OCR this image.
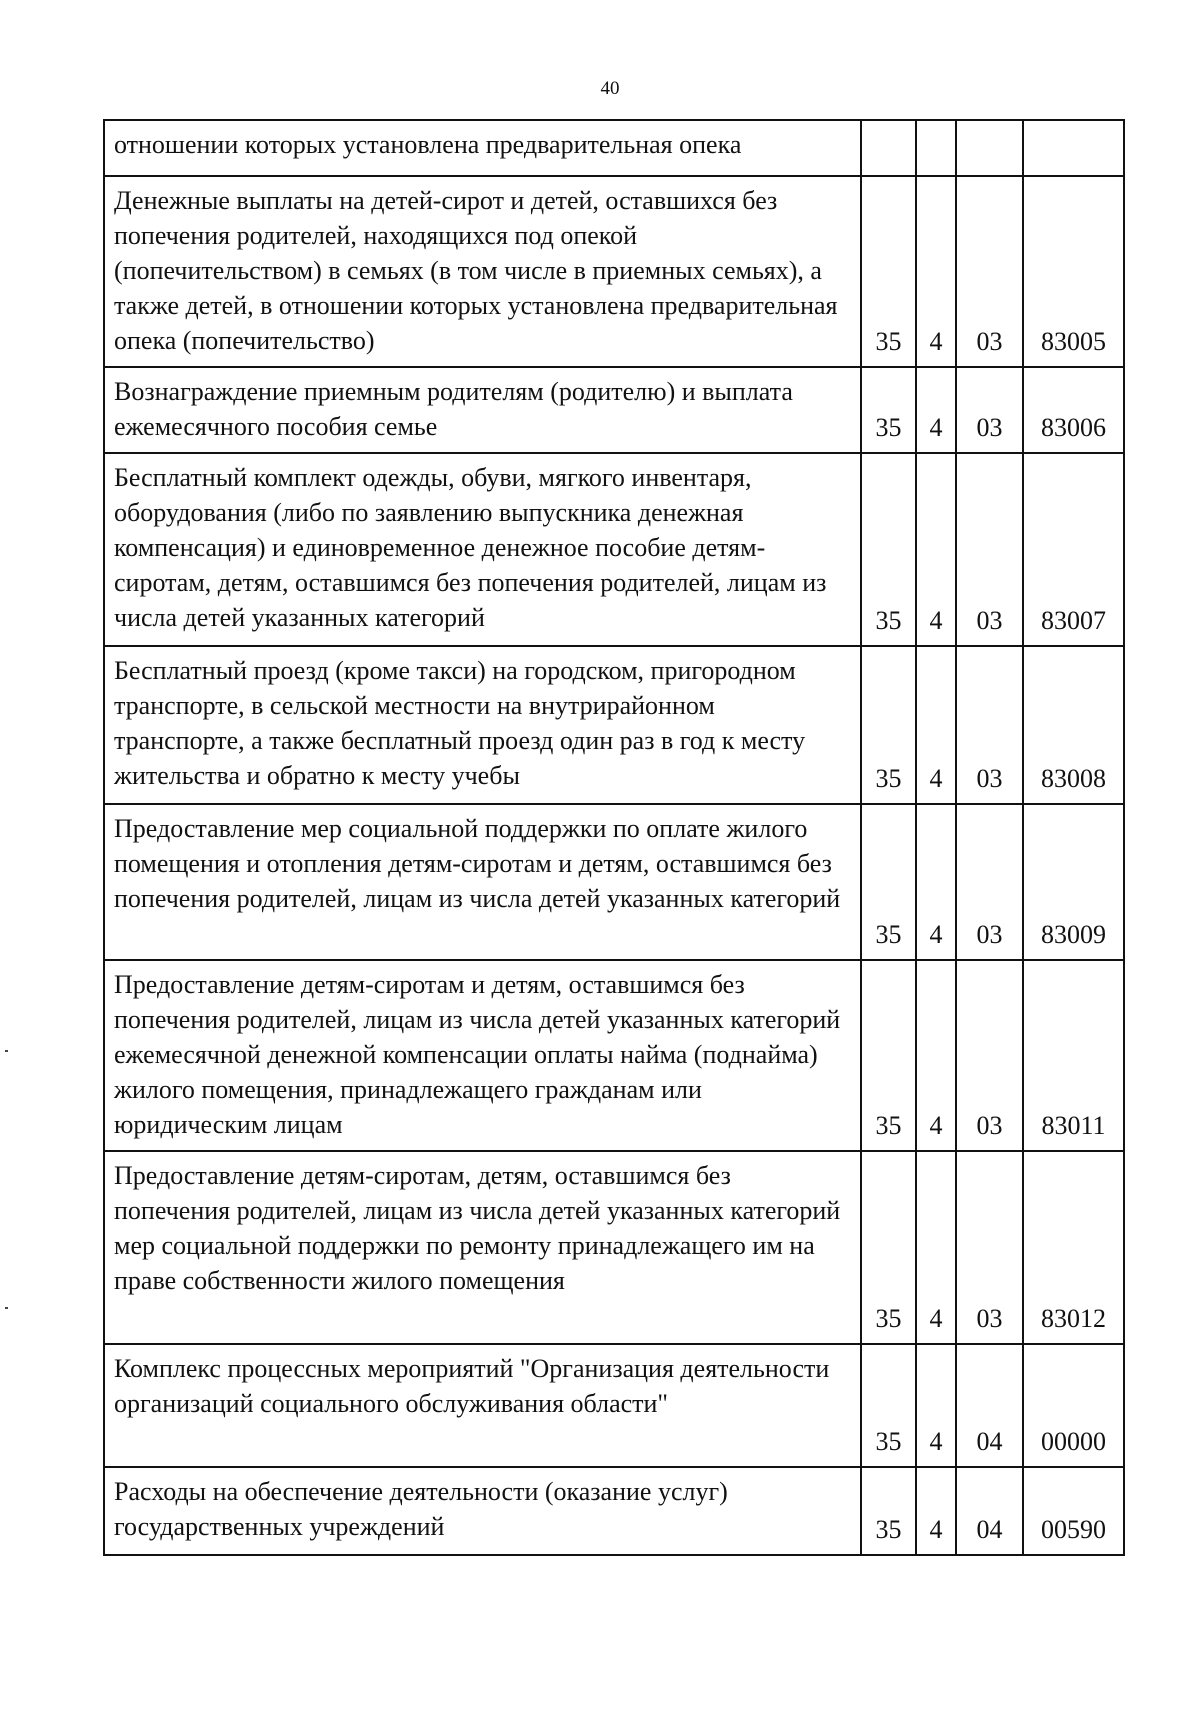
40
отношении которых установлена предварительная опека				
Денежные выплаты на детей-сирот и детей, оставшихся без попечения родителей, находящихся под опекой (попечительством) в семьях (в том числе в приемных семьях), а также детей, в отношении которых установлена предварительная опека (попечительство)	35	4	03	83005
Вознаграждение приемным родителям (родителю) и выплата ежемесячного пособия семье	35	4	03	83006
Бесплатный комплект одежды, обуви, мягкого инвентаря, оборудования (либо по заявлению выпускника денежная компенсация) и единовременное денежное пособие детям-сиротам, детям, оставшимся без попечения родителей, лицам из числа детей указанных категорий	35	4	03	83007
Бесплатный проезд (кроме такси) на городском, пригородном транспорте, в сельской местности на внутрирайонном транспорте, а также бесплатный проезд один раз в год к месту жительства и обратно к месту учебы	35	4	03	83008
Предоставление мер социальной поддержки по оплате жилого помещения и отопления детям-сиротам и детям, оставшимся без попечения родителей, лицам из числа детей указанных категорий	35	4	03	83009
Предоставление детям-сиротам и детям, оставшимся без попечения родителей, лицам из числа детей указанных категорий ежемесячной денежной компенсации оплаты найма (поднайма) жилого помещения, принадлежащего гражданам или юридическим лицам	35	4	03	83011
Предоставление детям-сиротам, детям, оставшимся без попечения родителей, лицам из числа детей указанных категорий мер социальной поддержки по ремонту принадлежащего им на праве собственности жилого помещения	35	4	03	83012
Комплекс процессных мероприятий "Организация деятельности организаций социального обслуживания области"	35	4	04	00000
Расходы на обеспечение деятельности (оказание услуг) государственных учреждений	35	4	04	00590
